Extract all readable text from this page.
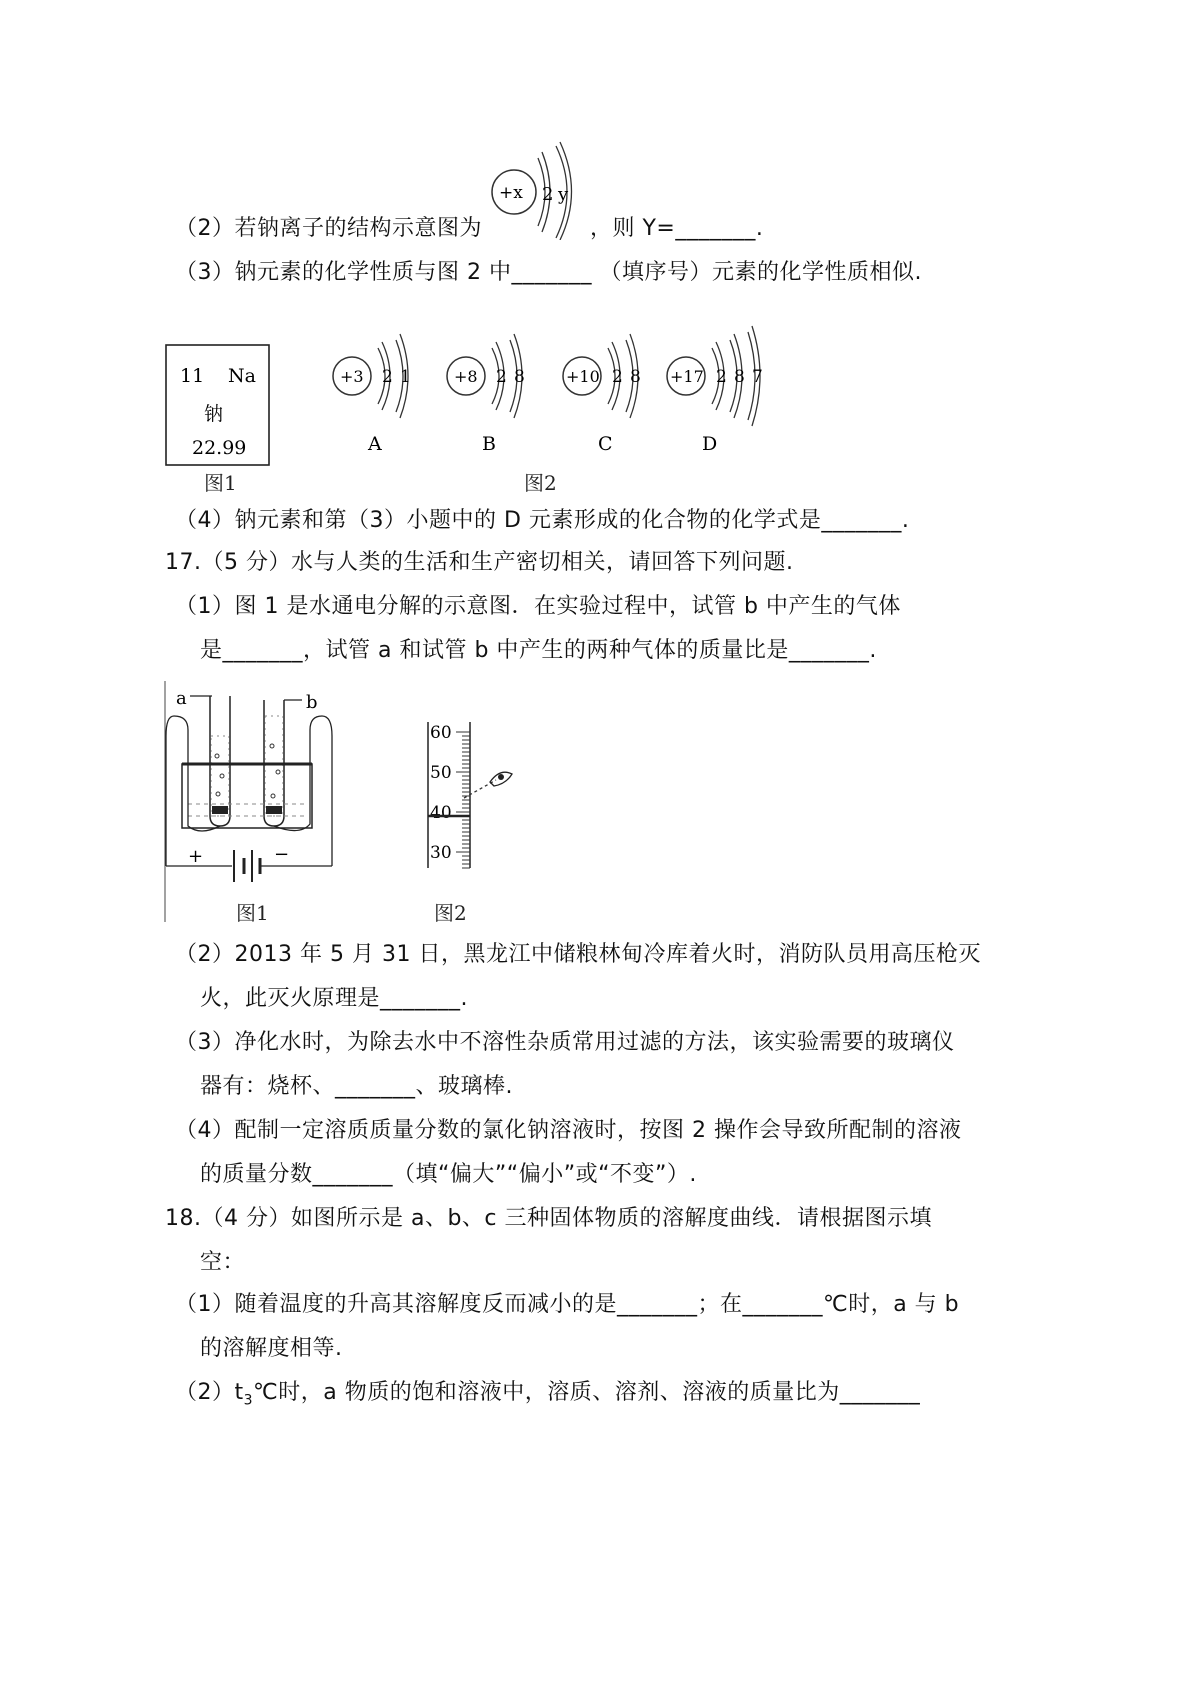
（2）若钠离子的结构示意图为
+x 2 y
，则 Y=_______.
（3）钠元素的化学性质与图 2 中_______ （填序号）元素的化学性质相似.
11 Na
钠
22.99
图1
+3 2 1
A
+8 2 8
B
+10 2 8
C
+17 2 8 7
D
图2
（4）钠元素和第（3）小题中的 D 元素形成的化合物的化学式是_______.
17.（5 分）水与人类的生活和生产密切相关，请回答下列问题.
（1）图 1 是水通电分解的示意图．在实验过程中，试管 b 中产生的气体
是_______，试管 a 和试管 b 中产生的两种气体的质量比是_______.
a	b
+	−
图1
60
50
40
30
图2
（2）2013 年 5 月 31 日，黑龙江中储粮林甸冷库着火时，消防队员用高压枪灭
火，此灭火原理是_______.
（3）净化水时，为除去水中不溶性杂质常用过滤的方法，该实验需要的玻璃仪
器有：烧杯、_______、玻璃棒.
（4）配制一定溶质质量分数的氯化钠溶液时，按图 2 操作会导致所配制的溶液
的质量分数_______（填“偏大”“偏小”或“不变”）.
18.（4 分）如图所示是 a、b、c 三种固体物质的溶解度曲线．请根据图示填
空：
（1）随着温度的升高其溶解度反而减小的是_______；在_______℃时，a 与 b
的溶解度相等.
$(2)t_3℃$时，a 物质的饱和溶液中，溶质、溶剂、溶液的质量比为_______
